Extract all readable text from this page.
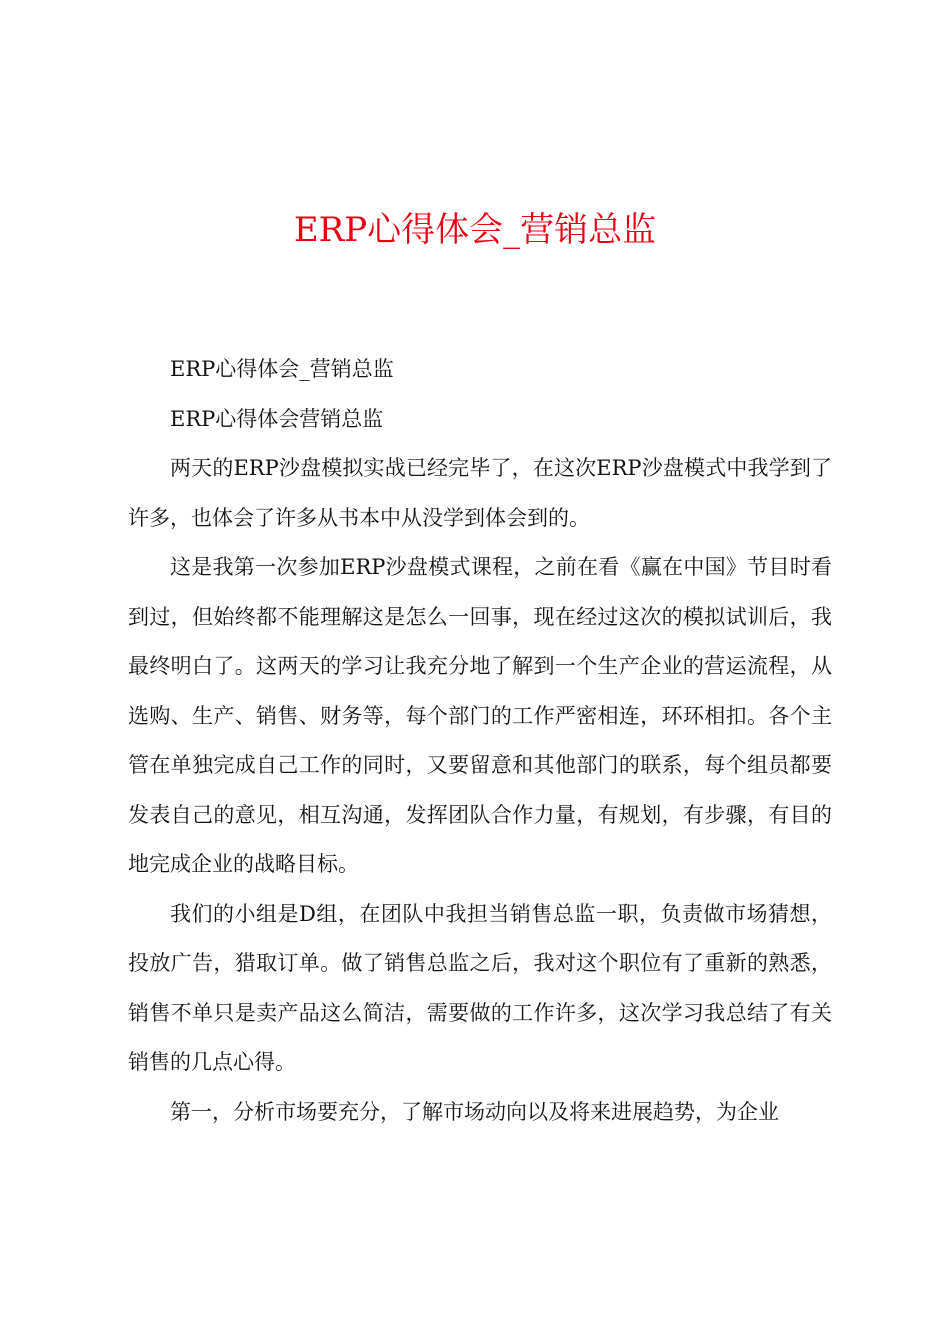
ERP心得体会_营销总监

ERP心得体会_营销总监

ERP心得体会营销总监

两天的ERP沙盘模拟实战已经完毕了，在这次ERP沙盘模式中我学到了许多，也体会了许多从书本中从没学到体会到的。

这是我第一次参加ERP沙盘模式课程，之前在看《赢在中国》节目时看到过，但始终都不能理解这是怎么一回事，现在经过这次的模拟试训后，我最终明白了。这两天的学习让我充分地了解到一个生产企业的营运流程，从选购、生产、销售、财务等，每个部门的工作严密相连，环环相扣。各个主管在单独完成自己工作的同时，又要留意和其他部门的联系，每个组员都要发表自己的意见，相互沟通，发挥团队合作力量，有规划，有步骤，有目的地完成企业的战略目标。

我们的小组是D组，在团队中我担当销售总监一职，负责做市场猜想，投放广告，猎取订单。做了销售总监之后，我对这个职位有了重新的熟悉，销售不单只是卖产品这么简洁，需要做的工作许多，这次学习我总结了有关销售的几点心得。

第一，分析市场要充分，了解市场动向以及将来进展趋势，为企业
